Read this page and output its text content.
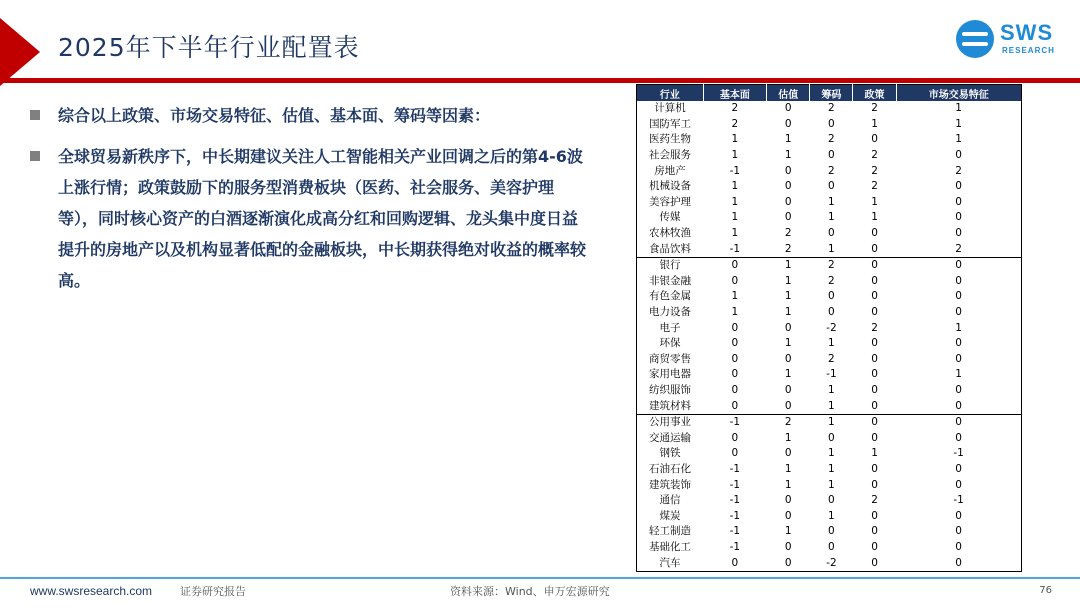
2025年下半年行业配置表
SWS
RESEARCH
综合以上政策、市场交易特征、估值、基本面、筹码等因素：
全球贸易新秩序下，中长期建议关注人工智能相关产业回调之后的第4-6波上涨行情；政策鼓励下的服务型消费板块（医药、社会服务、美容护理等），同时核心资产的白酒逐渐演化成高分红和回购逻辑、龙头集中度日益提升的房地产以及机构显著低配的金融板块，中长期获得绝对收益的概率较高。
行业	基本面	估值	筹码	政策	市场交易特征
计算机	2	0	2	2	1
国防军工	2	0	0	1	1
医药生物	1	1	2	0	1
社会服务	1	1	0	2	0
房地产	-1	0	2	2	2
机械设备	1	0	0	2	0
美容护理	1	0	1	1	0
传媒	1	0	1	1	0
农林牧渔	1	2	0	0	0
食品饮料	-1	2	1	0	2
银行	0	1	2	0	0
非银金融	0	1	2	0	0
有色金属	1	1	0	0	0
电力设备	1	1	0	0	0
电子	0	0	-2	2	1
环保	0	1	1	0	0
商贸零售	0	0	2	0	0
家用电器	0	1	-1	0	1
纺织服饰	0	0	1	0	0
建筑材料	0	0	1	0	0
公用事业	-1	2	1	0	0
交通运输	0	1	0	0	0
钢铁	0	0	1	1	-1
石油石化	-1	1	1	0	0
建筑装饰	-1	1	1	0	0
通信	-1	0	0	2	-1
煤炭	-1	0	1	0	0
轻工制造	-1	1	0	0	0
基础化工	-1	0	0	0	0
汽车	0	0	-2	0	0
www.swsresearch.com	证券研究报告	资料来源：Wind、申万宏源研究	76
